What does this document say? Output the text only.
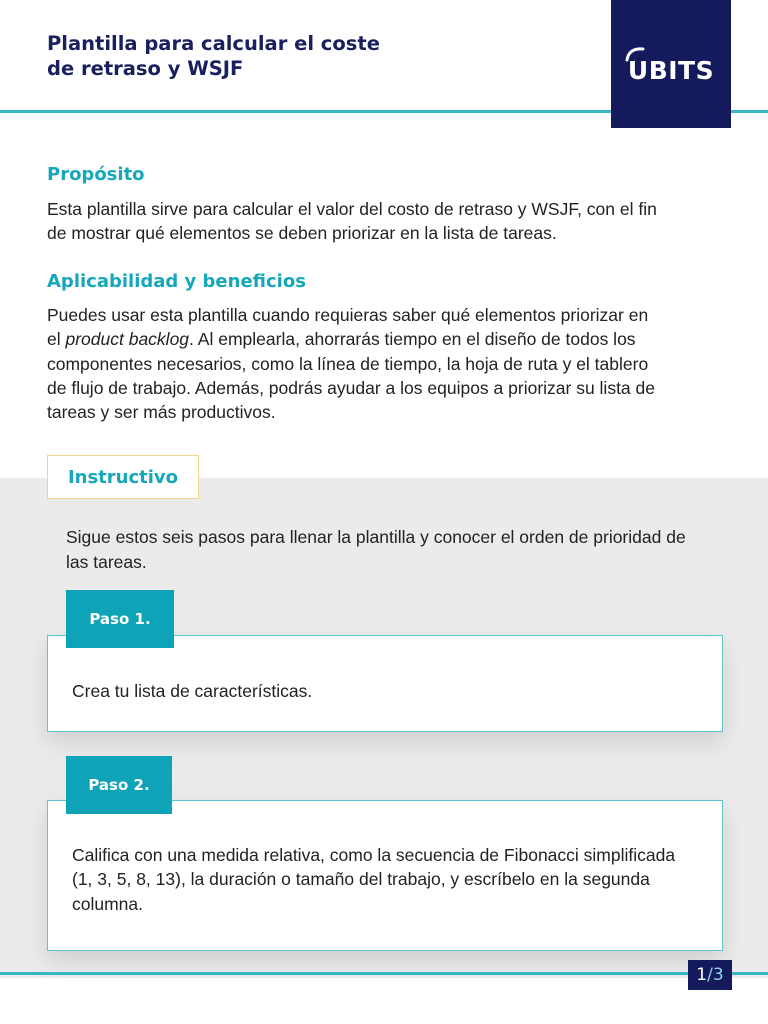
Plantilla para calcular el coste
de retraso y WSJF	UBITS
Propósito

Esta plantilla sirve para calcular el valor del costo de retraso y WSJF, con el fin de mostrar qué elementos se deben priorizar en la lista de tareas.

Aplicabilidad y beneficios

Puedes usar esta plantilla cuando requieras saber qué elementos priorizar en el product backlog. Al emplearla, ahorrarás tiempo en el diseño de todos los componentes necesarios, como la línea de tiempo, la hoja de ruta y el tablero de flujo de trabajo. Además, podrás ayudar a los equipos a priorizar su lista de tareas y ser más productivos.

Instructivo

Sigue estos seis pasos para llenar la plantilla y conocer el orden de prioridad de las tareas.

Paso 1.

Crea tu lista de características.

Paso 2.

Califica con una medida relativa, como la secuencia de Fibonacci simplificada (1, 3, 5, 8, 13), la duración o tamaño del trabajo, y escríbelo en la segunda columna.

1 / 3
